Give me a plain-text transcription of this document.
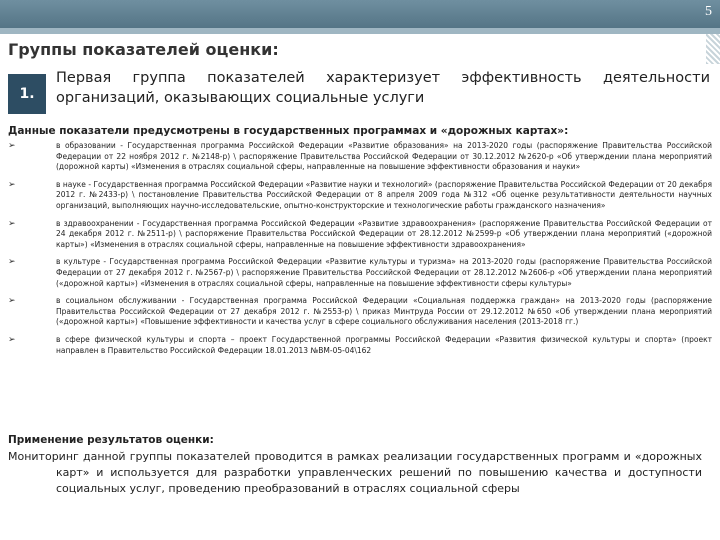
5
Группы показателей оценки:
1.
Первая группа показателей характеризует эффективность деятельности организаций, оказывающих социальные услуги
Данные показатели предусмотрены в государственных программах и «дорожных картах»:
➢	в образовании - Государственная программа Российской Федерации «Развитие образования» на 2013-2020 годы (распоряжение Правительства Российской Федерации от 22 ноября 2012 г. №2148-р) \ распоряжение Правительства Российской Федерации от 30.12.2012 №2620-р «Об утверждении плана мероприятий (дорожной карты) «Изменения в отраслях социальной сферы, направленные на повышение эффективности образования и науки»
➢	в науке - Государственная программа Российской Федерации «Развитие науки и технологий» (распоряжение Правительства Российской Федерации от 20 декабря 2012 г. №2433-р) \ постановление Правительства Российской Федерации от 8 апреля 2009 года №312 «Об оценке результативности деятельности научных организаций, выполняющих научно-исследовательские, опытно-конструкторские и технологические работы гражданского назначения»
➢	в здравоохранении - Государственная программа Российской Федерации «Развитие здравоохранения» (распоряжение Правительства Российской Федерации от 24 декабря 2012 г. №2511-р) \ распоряжение Правительства Российской Федерации от 28.12.2012 №2599-р «Об утверждении плана мероприятий («дорожной карты») «Изменения в отраслях социальной сферы, направленные на повышение эффективности здравоохранения»
➢	в культуре - Государственная программа Российской Федерации «Развитие культуры и туризма» на 2013-2020 годы (распоряжение Правительства Российской Федерации от 27 декабря 2012 г. №2567-р) \ распоряжение Правительства Российской Федерации от 28.12.2012 №2606-р «Об утверждении плана мероприятий («дорожной карты») «Изменения в отраслях социальной сферы, направленные на повышение эффективности сферы культуры»
➢	в социальном обслуживании - Государственная программа Российской Федерации «Социальная поддержка граждан» на 2013-2020 годы (распоряжение Правительства Российской Федерации от 27 декабря 2012 г. №2553-р) \ приказ Минтруда России от 29.12.2012 №650 «Об утверждении плана мероприятий («дорожной карты») «Повышение эффективности и качества услуг в сфере социального обслуживания населения (2013-2018 гг.)
➢	в сфере физической культуры и спорта – проект Государственной программы Российской Федерации «Развития физической культуры и спорта» (проект направлен в Правительство Российской Федерации 18.01.2013 №ВМ-05-04\162
Применение результатов оценки:
Мониторинг данной группы показателей проводится в рамках реализации государственных программ и «дорожных карт» и используется для разработки управленческих решений по повышению качества и доступности социальных услуг, проведению преобразований в отраслях социальной сферы
